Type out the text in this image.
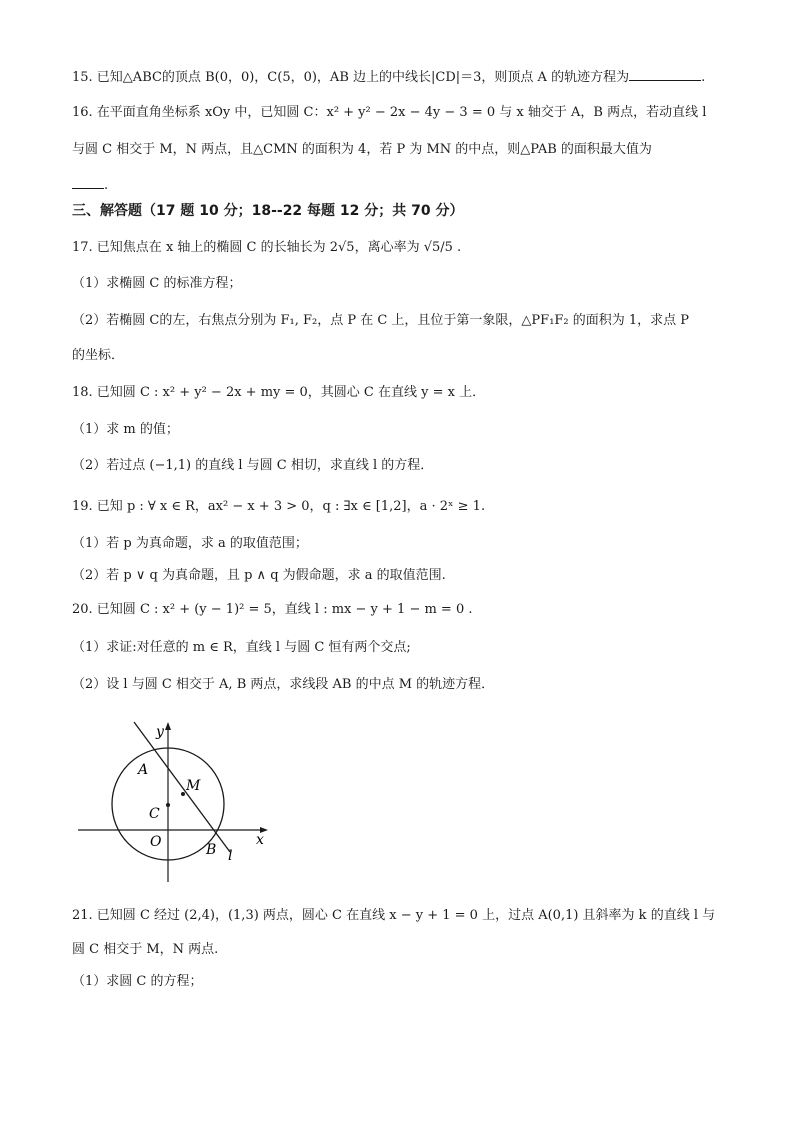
15. 已知△ABC的顶点 B(0，0)，C(5，0)，AB 边上的中线长|CD|＝3，则顶点 A 的轨迹方程为	.
16. 在平面直角坐标系 xOy 中，已知圆 C：x² + y² − 2x − 4y − 3 = 0 与 x 轴交于 A，B 两点，若动直线 l
与圆 C 相交于 M，N 两点，且△CMN 的面积为 4，若 P 为 MN 的中点，则△PAB 的面积最大值为
.
三、解答题（17 题 10 分；18--22 每题 12 分；共 70 分）
17. 已知焦点在 x 轴上的椭圆 C 的长轴长为 2√5，离心率为 √5/5 .
（1）求椭圆 C 的标准方程；
（2）若椭圆 C的左，右焦点分别为 F₁, F₂，点 P 在 C 上，且位于第一象限，△PF₁F₂ 的面积为 1，求点 P
的坐标．
18. 已知圆 C : x² + y² − 2x + my = 0，其圆心 C 在直线 y = x 上．
（1）求 m 的值；
（2）若过点 (−1,1) 的直线 l 与圆 C 相切，求直线 l 的方程．
19. 已知 p : ∀ x ∈ R，ax² − x + 3 > 0，q : ∃x ∈ [1,2]，a · 2ˣ ≥ 1.
（1）若 p 为真命题，求 a 的取值范围；
（2）若 p ∨ q 为真命题，且 p ∧ q 为假命题，求 a 的取值范围.
20. 已知圆 C : x² + (y − 1)² = 5，直线 l : mx − y + 1 − m = 0 .
（1）求证:对任意的 m ∈ R，直线 l 与圆 C 恒有两个交点;
（2）设 l 与圆 C 相交于 A, B 两点，求线段 AB 的中点 M 的轨迹方程．
y
x
A
M
C
O	B l
21. 已知圆 C 经过 (2,4)，(1,3) 两点，圆心 C 在直线 x − y + 1 = 0 上，过点 A(0,1) 且斜率为 k 的直线 l 与
圆 C 相交于 M，N 两点.
（1）求圆 C 的方程；
